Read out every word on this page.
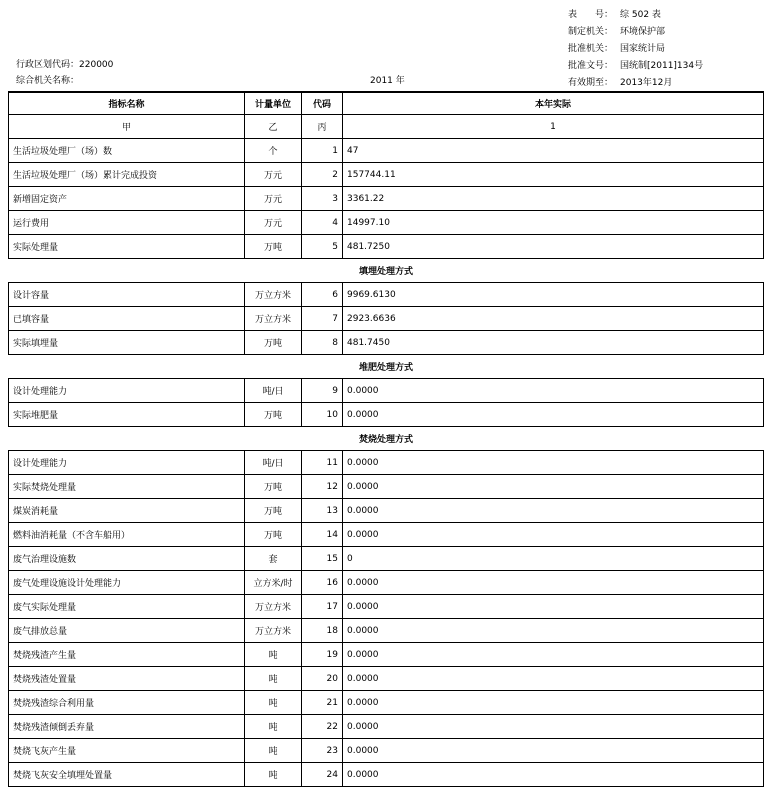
表　　号： 综 502 表
制定机关： 环境保护部
批准机关： 国家统计局
批准文号： 国统制[2011]134号
有效期至： 2013年12月
行政区划代码：220000
综合机关名称：	2011 年
指标名称	计量单位	代码	本年实际
甲	乙	丙	1
生活垃圾处理厂（场）数	个	1	47
生活垃圾处理厂（场）累计完成投资	万元	2	157744.11
新增固定资产	万元	3	3361.22
运行费用	万元	4	14997.10
实际处理量	万吨	5	481.7250
填埋处理方式			
设计容量	万立方米	6	9969.6130
已填容量	万立方米	7	2923.6636
实际填埋量	万吨	8	481.7450
堆肥处理方式			
设计处理能力	吨/日	9	0.0000
实际堆肥量	万吨	10	0.0000
焚烧处理方式			
设计处理能力	吨/日	11	0.0000
实际焚烧处理量	万吨	12	0.0000
煤炭消耗量	万吨	13	0.0000
燃料油消耗量（不含车船用）	万吨	14	0.0000
废气治理设施数	套	15	0
废气处理设施设计处理能力	立方米/时	16	0.0000
废气实际处理量	万立方米	17	0.0000
废气排放总量	万立方米	18	0.0000
焚烧残渣产生量	吨	19	0.0000
焚烧残渣处置量	吨	20	0.0000
焚烧残渣综合利用量	吨	21	0.0000
焚烧残渣倾倒丢弃量	吨	22	0.0000
焚烧飞灰产生量	吨	23	0.0000
焚烧飞灰安全填埋处置量	吨	24	0.0000
